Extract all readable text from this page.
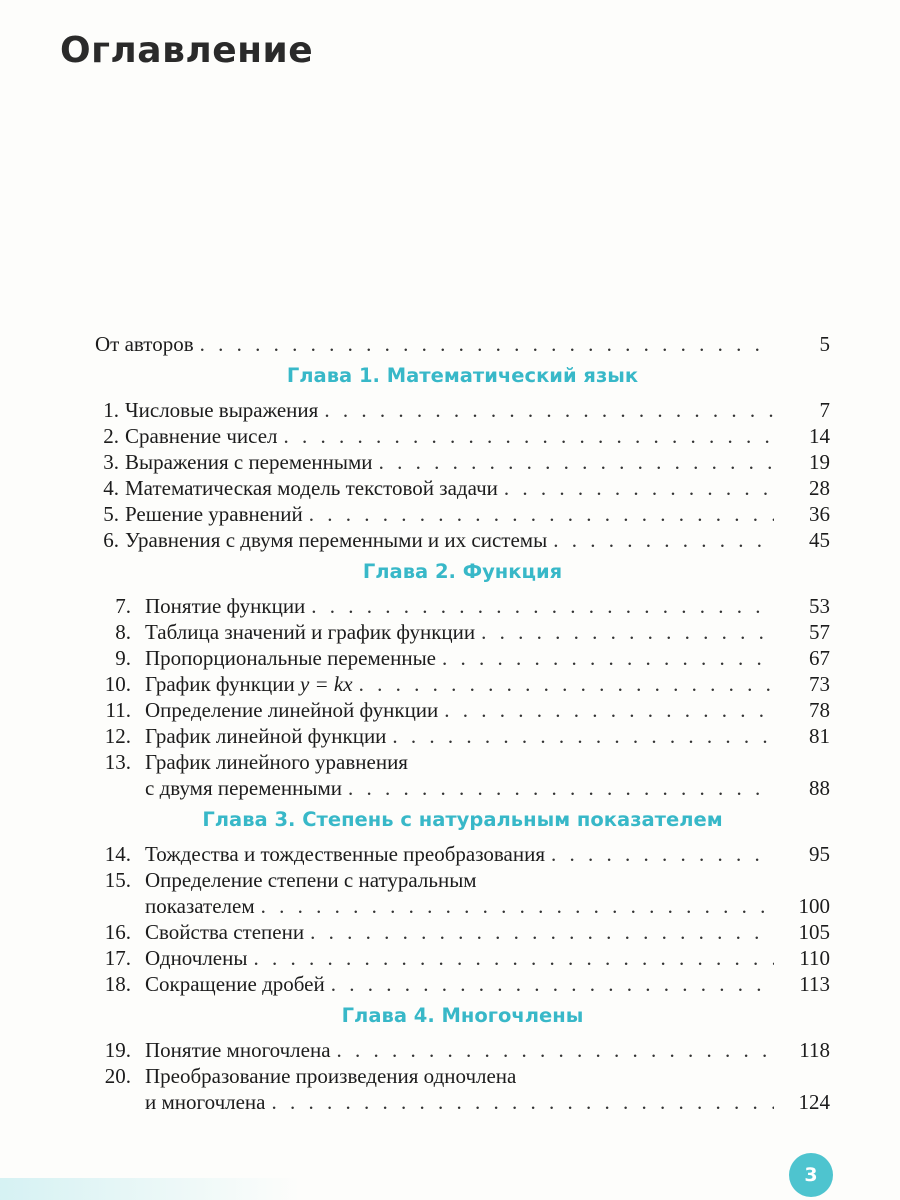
Оглавление
От авторов . . .	5
Глава 1. Математический язык
1. Числовые выражения . . .	7
2. Сравнение чисел . . .	14
3. Выражения с переменными . . .	19
4. Математическая модель текстовой задачи . . .	28
5. Решение уравнений . . .	36
6. Уравнения с двумя переменными и их системы . . .	45
Глава 2. Функция
7. Понятие функции . . .	53
8. Таблица значений и график функции . . .	57
9. Пропорциональные переменные . . .	67
10. График функции y = kx . . .	73
11. Определение линейной функции . . .	78
12. График линейной функции . . .	81
13. График линейного уравнения
с двумя переменными . . .	88
Глава 3. Степень с натуральным показателем
14. Тождества и тождественные преобразования . . .	95
15. Определение степени с натуральным
показателем . . .	100
16. Свойства степени . . .	105
17. Одночлены . . .	110
18. Сокращение дробей . . .	113
Глава 4. Многочлены
19. Понятие многочлена . . .	118
20. Преобразование произведения одночлена
и многочлена . . .	124
3
